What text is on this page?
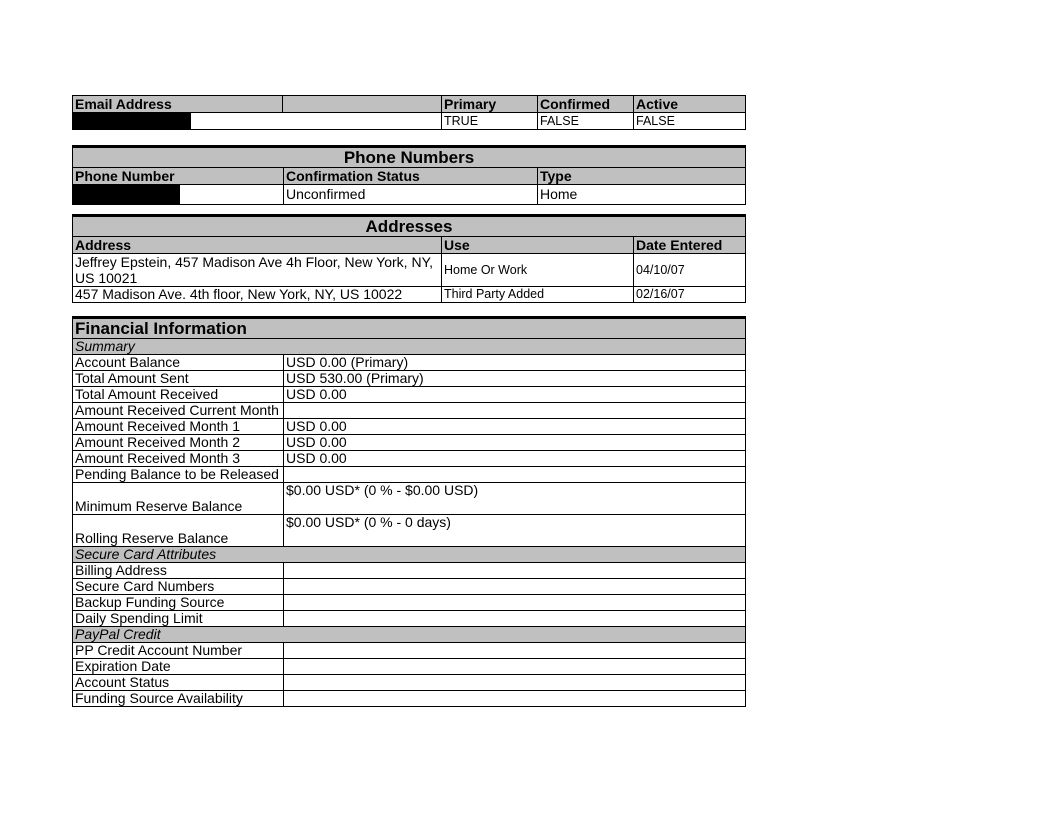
Email Address		Primary	Confirmed	Active
		TRUE	FALSE	FALSE
Phone Numbers		
Phone Number	Confirmation Status	Type
	Unconfirmed	Home
Addresses		
Address	Use	Date Entered
Jeffrey Epstein, 457 Madison Ave 4h Floor, New York, NY, US 10021	Home Or Work	04/10/07
457 Madison Ave. 4th floor, New York, NY, US 10022	Third Party Added	02/16/07
Financial Information	
Summary	
Account Balance	USD 0.00 (Primary)
Total Amount Sent	USD 530.00 (Primary)
Total Amount Received	USD 0.00
Amount Received Current Month	
Amount Received Month 1	USD 0.00
Amount Received Month 2	USD 0.00
Amount Received Month 3	USD 0.00
Pending Balance to be Released	
Minimum Reserve Balance	$0.00 USD* (0 % - $0.00 USD)
Rolling Reserve Balance	$0.00 USD* (0 % - 0 days)
Secure Card Attributes	
Billing Address	
Secure Card Numbers	
Backup Funding Source	
Daily Spending Limit	
PayPal Credit	
PP Credit Account Number	
Expiration Date	
Account Status	
Funding Source Availability	
